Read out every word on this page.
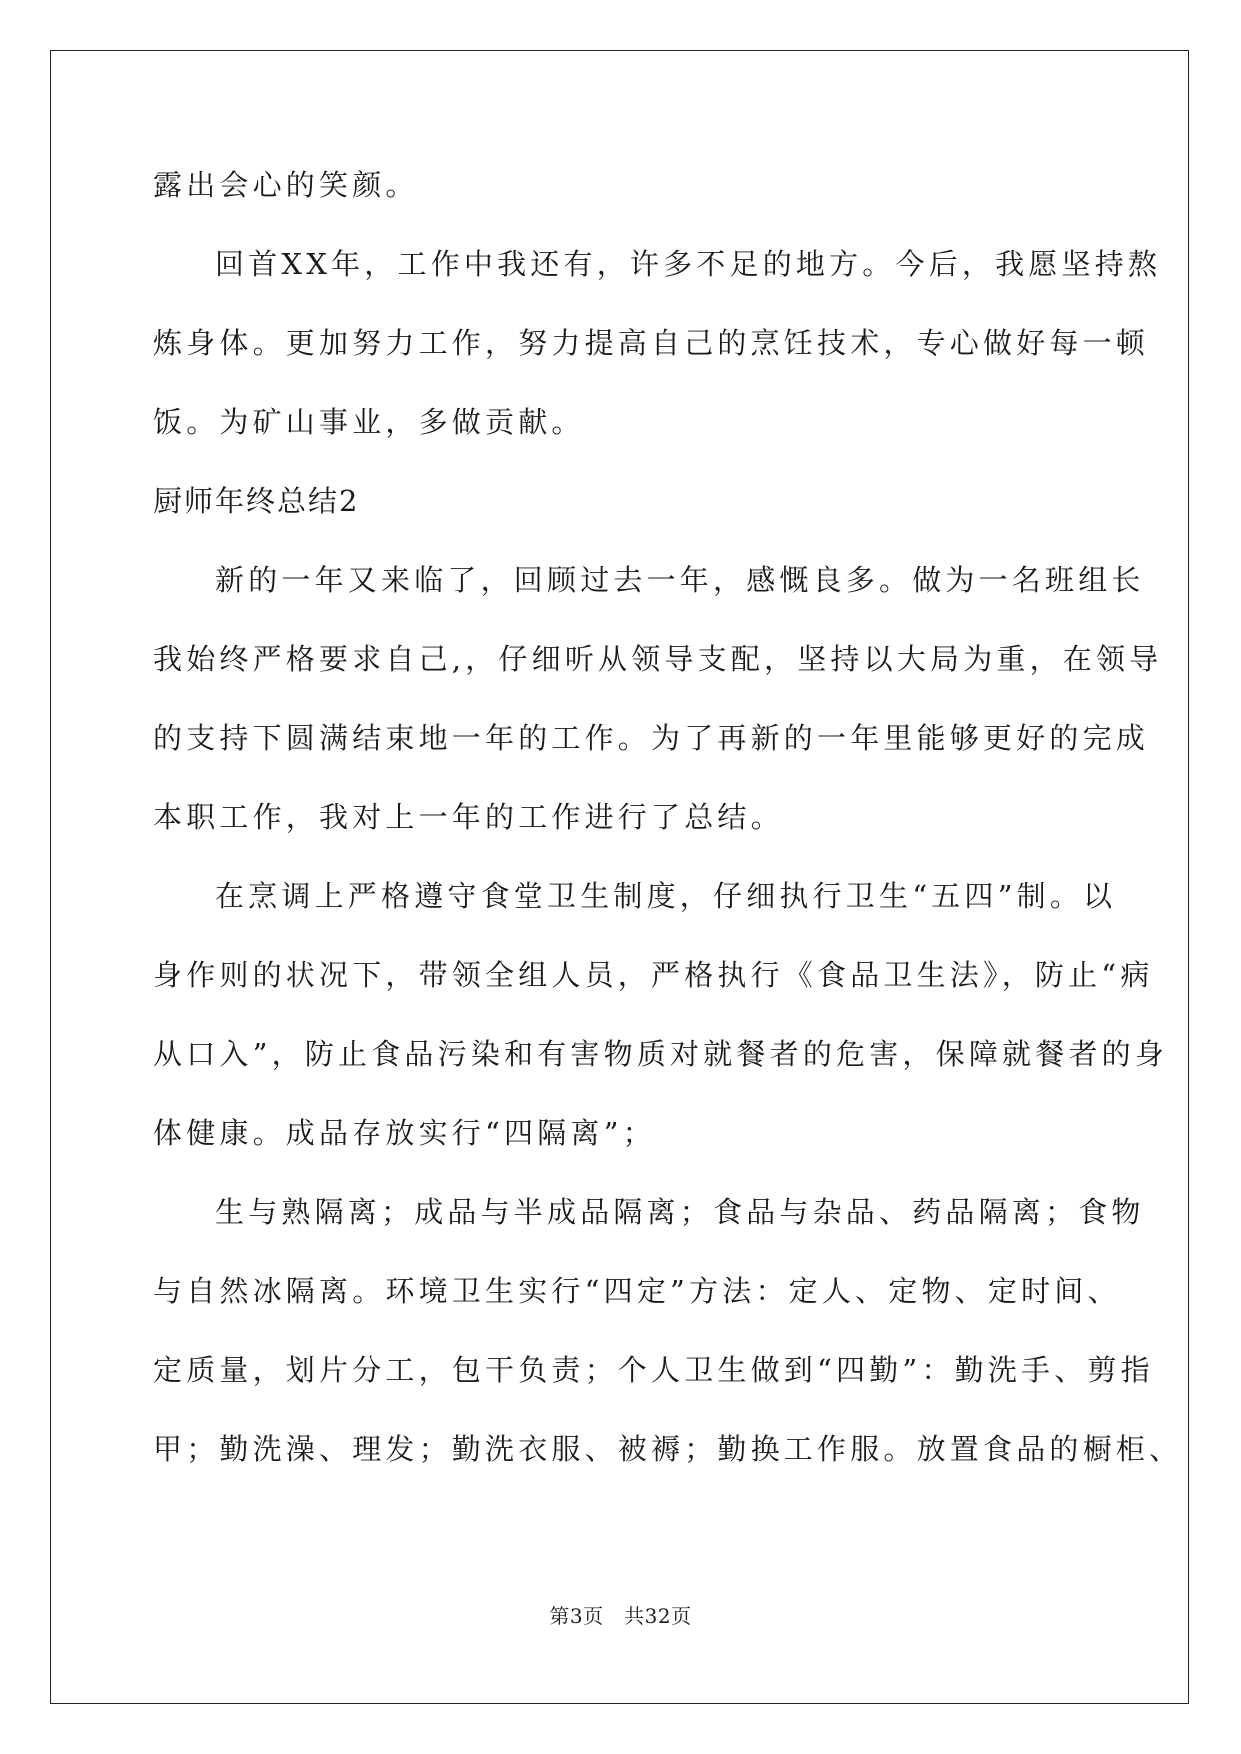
露出会心的笑颜。
回首XX年，工作中我还有，许多不足的地方。今后，我愿坚持熬
炼身体。更加努力工作，努力提高自己的烹饪技术，专心做好每一顿
饭。为矿山事业，多做贡献。
厨师年终总结2
新的一年又来临了，回顾过去一年，感慨良多。做为一名班组长
我始终严格要求自己,，仔细听从领导支配，坚持以大局为重，在领导
的支持下圆满结束地一年的工作。为了再新的一年里能够更好的完成
本职工作，我对上一年的工作进行了总结。
在烹调上严格遵守食堂卫生制度，仔细执行卫生“五四”制。以
身作则的状况下，带领全组人员，严格执行《食品卫生法》，防止“病
从口入”，防止食品污染和有害物质对就餐者的危害，保障就餐者的身
体健康。成品存放实行“四隔离”；
生与熟隔离；成品与半成品隔离；食品与杂品、药品隔离；食物
与自然冰隔离。环境卫生实行“四定”方法：定人、定物、定时间、
定质量，划片分工，包干负责；个人卫生做到“四勤”：勤洗手、剪指
甲；勤洗澡、理发；勤洗衣服、被褥；勤换工作服。放置食品的橱柜、
第3页 共32页
